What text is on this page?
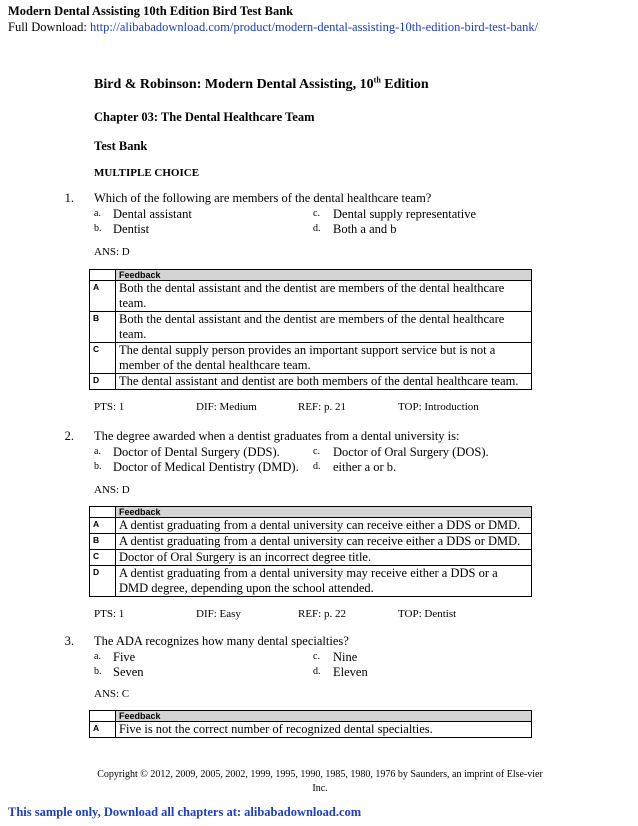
Modern Dental Assisting 10th Edition Bird Test Bank
Full Download: http://alibabadownload.com/product/modern-dental-assisting-10th-edition-bird-test-bank/
Bird & Robinson: Modern Dental Assisting, 10th Edition
Chapter 03: The Dental Healthcare Team
Test Bank
MULTIPLE CHOICE
1. Which of the following are members of the dental healthcare team?
a. Dental assistant	c. Dental supply representative
b. Dentist	d. Both a and b
ANS: D
	Feedback
A	Both the dental assistant and the dentist are members of the dental healthcare team.
B	Both the dental assistant and the dentist are members of the dental healthcare team.
C	The dental supply person provides an important support service but is not a member of the dental healthcare team.
D	The dental assistant and dentist are both members of the dental healthcare team.
PTS: 1	DIF: Medium	REF: p. 21	TOP: Introduction
2. The degree awarded when a dentist graduates from a dental university is:
a. Doctor of Dental Surgery (DDS).	c. Doctor of Oral Surgery (DOS).
b. Doctor of Medical Dentistry (DMD). d. either a or b.
ANS: D
	Feedback
A	A dentist graduating from a dental university can receive either a DDS or DMD.
B	A dentist graduating from a dental university can receive either a DDS or DMD.
C	Doctor of Oral Surgery is an incorrect degree title.
D	A dentist graduating from a dental university may receive either a DDS or a DMD degree, depending upon the school attended.
PTS: 1	DIF: Easy	REF: p. 22	TOP: Dentist
3. The ADA recognizes how many dental specialties?
a. Five	c. Nine
b. Seven	d. Eleven
ANS: C
	Feedback
A	Five is not the correct number of recognized dental specialties.
Copyright © 2012, 2009, 2005, 2002, 1999, 1995, 1990, 1985, 1980, 1976 by Saunders, an imprint of Else-vier Inc.
This sample only, Download all chapters at: alibabadownload.com
